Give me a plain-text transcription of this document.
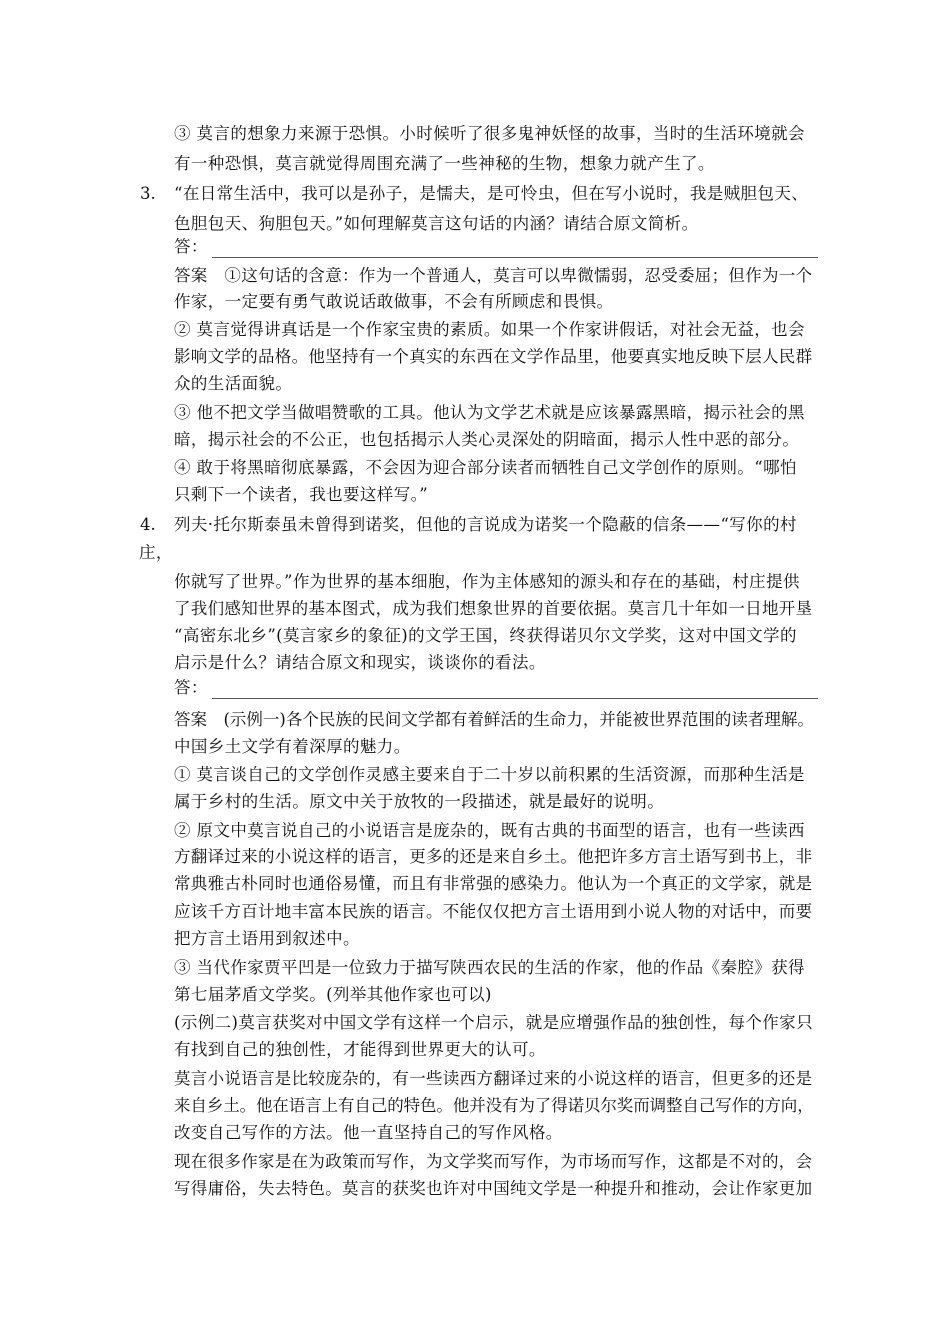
③ 莫言的想象力来源于恐惧。小时候听了很多鬼神妖怪的故事，当时的生活环境就会
有一种恐惧，莫言就觉得周围充满了一些神秘的生物，想象力就产生了。
3. “在日常生活中，我可以是孙子，是懦夫，是可怜虫，但在写小说时，我是贼胆包天、
色胆包天、狗胆包天。”如何理解莫言这句话的内涵？请结合原文简析。
答：
答案　①这句话的含意：作为一个普通人，莫言可以卑微懦弱，忍受委屈；但作为一个
作家，一定要有勇气敢说话敢做事，不会有所顾虑和畏惧。
② 莫言觉得讲真话是一个作家宝贵的素质。如果一个作家讲假话，对社会无益，也会
影响文学的品格。他坚持有一个真实的东西在文学作品里，他要真实地反映下层人民群
众的生活面貌。
③ 他不把文学当做唱赞歌的工具。他认为文学艺术就是应该暴露黑暗，揭示社会的黑
暗，揭示社会的不公正，也包括揭示人类心灵深处的阴暗面，揭示人性中恶的部分。
④ 敢于将黑暗彻底暴露，不会因为迎合部分读者而牺牲自己文学创作的原则。“哪怕
只剩下一个读者，我也要这样写。”
4. 列夫·托尔斯泰虽未曾得到诺奖，但他的言说成为诺奖一个隐蔽的信条——“写你的村
庄，
你就写了世界。”作为世界的基本细胞，作为主体感知的源头和存在的基础，村庄提供
了我们感知世界的基本图式，成为我们想象世界的首要依据。莫言几十年如一日地开垦
“高密东北乡”(莫言家乡的象征)的文学王国，终获得诺贝尔文学奖，这对中国文学的
启示是什么？请结合原文和现实，谈谈你的看法。
答：
答案　(示例一)各个民族的民间文学都有着鲜活的生命力，并能被世界范围的读者理解。
中国乡土文学有着深厚的魅力。
① 莫言谈自己的文学创作灵感主要来自于二十岁以前积累的生活资源，而那种生活是
属于乡村的生活。原文中关于放牧的一段描述，就是最好的说明。
② 原文中莫言说自己的小说语言是庞杂的，既有古典的书面型的语言，也有一些读西
方翻译过来的小说这样的语言，更多的还是来自乡土。他把许多方言土语写到书上，非
常典雅古朴同时也通俗易懂，而且有非常强的感染力。他认为一个真正的文学家，就是
应该千方百计地丰富本民族的语言。不能仅仅把方言土语用到小说人物的对话中，而要
把方言土语用到叙述中。
③ 当代作家贾平凹是一位致力于描写陕西农民的生活的作家，他的作品《秦腔》获得
第七届茅盾文学奖。(列举其他作家也可以)
(示例二)莫言获奖对中国文学有这样一个启示，就是应增强作品的独创性，每个作家只
有找到自己的独创性，才能得到世界更大的认可。
莫言小说语言是比较庞杂的，有一些读西方翻译过来的小说这样的语言，但更多的还是
来自乡土。他在语言上有自己的特色。他并没有为了得诺贝尔奖而调整自己写作的方向，
改变自己写作的方法。他一直坚持自己的写作风格。
现在很多作家是在为政策而写作，为文学奖而写作，为市场而写作，这都是不对的，会
写得庸俗，失去特色。莫言的获奖也许对中国纯文学是一种提升和推动，会让作家更加
